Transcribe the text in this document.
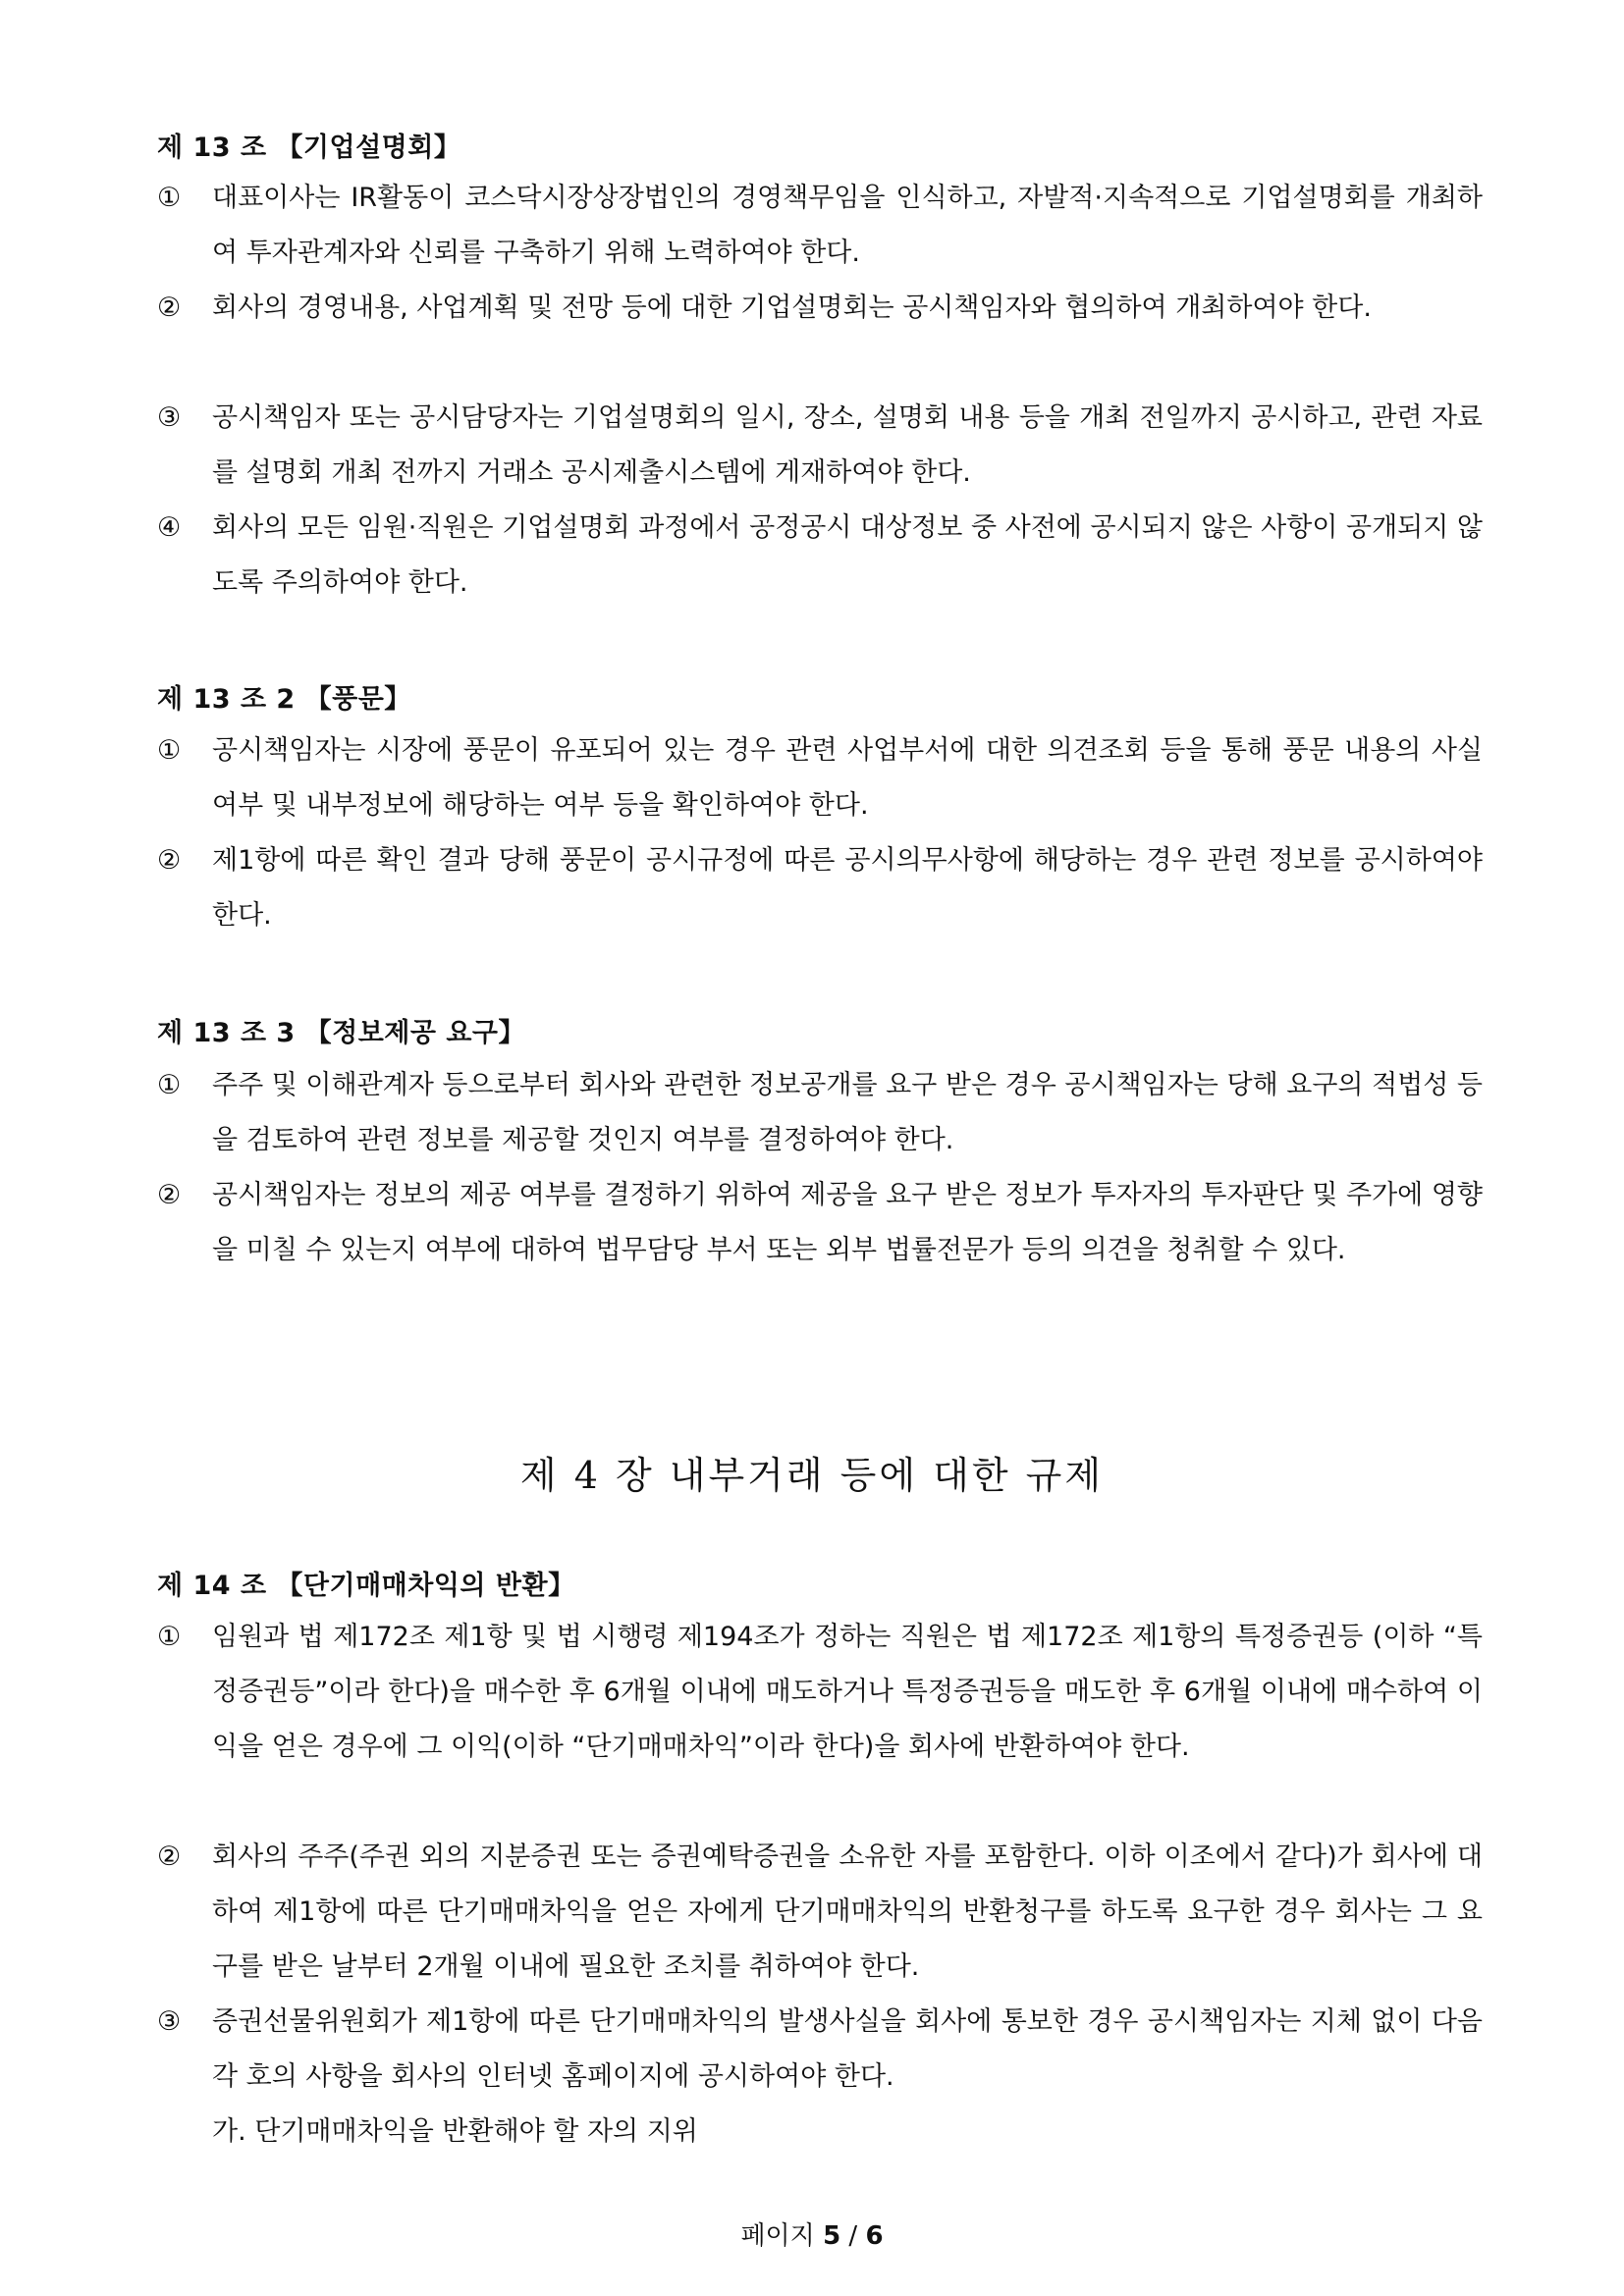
제 13 조 【기업설명회】
① 대표이사는 IR활동이 코스닥시장상장법인의 경영책무임을 인식하고, 자발적·지속적으로 기업설명회를 개최하여 투자관계자와 신뢰를 구축하기 위해 노력하여야 한다.
② 회사의 경영내용, 사업계획 및 전망 등에 대한 기업설명회는 공시책임자와 협의하여 개최하여야 한다.
③ 공시책임자 또는 공시담당자는 기업설명회의 일시, 장소, 설명회 내용 등을 개최 전일까지 공시하고, 관련 자료를 설명회 개최 전까지 거래소 공시제출시스템에 게재하여야 한다.
④ 회사의 모든 임원·직원은 기업설명회 과정에서 공정공시 대상정보 중 사전에 공시되지 않은 사항이 공개되지 않도록 주의하여야 한다.
제 13 조 2 【풍문】
① 공시책임자는 시장에 풍문이 유포되어 있는 경우 관련 사업부서에 대한 의견조회 등을 통해 풍문 내용의 사실 여부 및 내부정보에 해당하는 여부 등을 확인하여야 한다.
② 제1항에 따른 확인 결과 당해 풍문이 공시규정에 따른 공시의무사항에 해당하는 경우 관련 정보를 공시하여야 한다.
제 13 조 3 【정보제공 요구】
① 주주 및 이해관계자 등으로부터 회사와 관련한 정보공개를 요구 받은 경우 공시책임자는 당해 요구의 적법성 등을 검토하여 관련 정보를 제공할 것인지 여부를 결정하여야 한다.
② 공시책임자는 정보의 제공 여부를 결정하기 위하여 제공을 요구 받은 정보가 투자자의 투자판단 및 주가에 영향을 미칠 수 있는지 여부에 대하여 법무담당 부서 또는 외부 법률전문가 등의 의견을 청취할 수 있다.
제 4 장 내부거래 등에 대한 규제
제 14 조 【단기매매차익의 반환】
① 임원과 법 제172조 제1항 및 법 시행령 제194조가 정하는 직원은 법 제172조 제1항의 특정증권등 (이하 “특정증권등”이라 한다)을 매수한 후 6개월 이내에 매도하거나 특정증권등을 매도한 후 6개월 이내에 매수하여 이익을 얻은 경우에 그 이익(이하 “단기매매차익”이라 한다)을 회사에 반환하여야 한다.
② 회사의 주주(주권 외의 지분증권 또는 증권예탁증권을 소유한 자를 포함한다. 이하 이조에서 같다)가 회사에 대하여 제1항에 따른 단기매매차익을 얻은 자에게 단기매매차익의 반환청구를 하도록 요구한 경우 회사는 그 요구를 받은 날부터 2개월 이내에 필요한 조치를 취하여야 한다.
③ 증권선물위원회가 제1항에 따른 단기매매차익의 발생사실을 회사에 통보한 경우 공시책임자는 지체 없이 다음 각 호의 사항을 회사의 인터넷 홈페이지에 공시하여야 한다.
가. 단기매매차익을 반환해야 할 자의 지위
페이지 5 / 6
